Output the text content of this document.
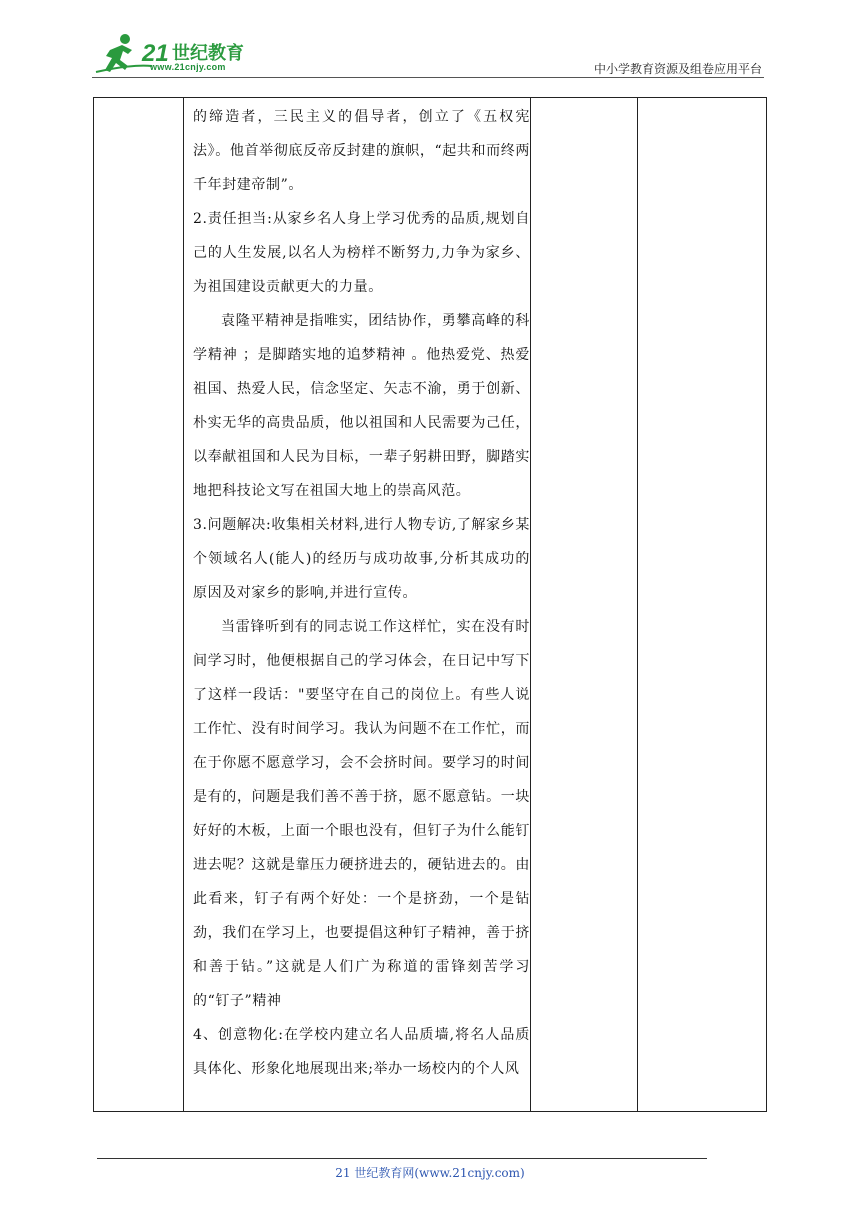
21 世纪教育
www.21cnjy.com	中小学教育资源及组卷应用平台

的缔造者，三民主义的倡导者，创立了《五权宪法》。他首举彻底反帝反封建的旗帜，“起共和而终两千年封建帝制”。

2.责任担当:从家乡名人身上学习优秀的品质,规划自己的人生发展,以名人为榜样不断努力,力争为家乡、为祖国建设贡献更大的力量。

袁隆平精神是指唯实，团结协作，勇攀高峰的科学精神 ；是脚踏实地的追梦精神 。他热爱党、热爱祖国、热爱人民，信念坚定、矢志不渝，勇于创新、朴实无华的高贵品质，他以祖国和人民需要为己任，以奉献祖国和人民为目标，一辈子躬耕田野，脚踏实地把科技论文写在祖国大地上的崇高风范。

3.问题解决:收集相关材料,进行人物专访,了解家乡某个领域名人(能人)的经历与成功故事,分析其成功的原因及对家乡的影响,并进行宣传。

当雷锋听到有的同志说工作这样忙，实在没有时间学习时，他便根据自己的学习体会，在日记中写下了这样一段话："要坚守在自己的岗位上。有些人说工作忙、没有时间学习。我认为问题不在工作忙，而在于你愿不愿意学习，会不会挤时间。要学习的时间是有的，问题是我们善不善于挤，愿不愿意钻。一块好好的木板，上面一个眼也没有，但钉子为什么能钉进去呢？这就是靠压力硬挤进去的，硬钻进去的。由此看来，钉子有两个好处：一个是挤劲，一个是钻劲，我们在学习上，也要提倡这种钉子精神，善于挤和善于钻。”这就是人们广为称道的雷锋刻苦学习的“钉子”精神

4、创意物化:在学校内建立名人品质墙,将名人品质具体化、形象化地展现出来;举办一场校内的个人风

21 世纪教育网(www.21cnjy.com)
